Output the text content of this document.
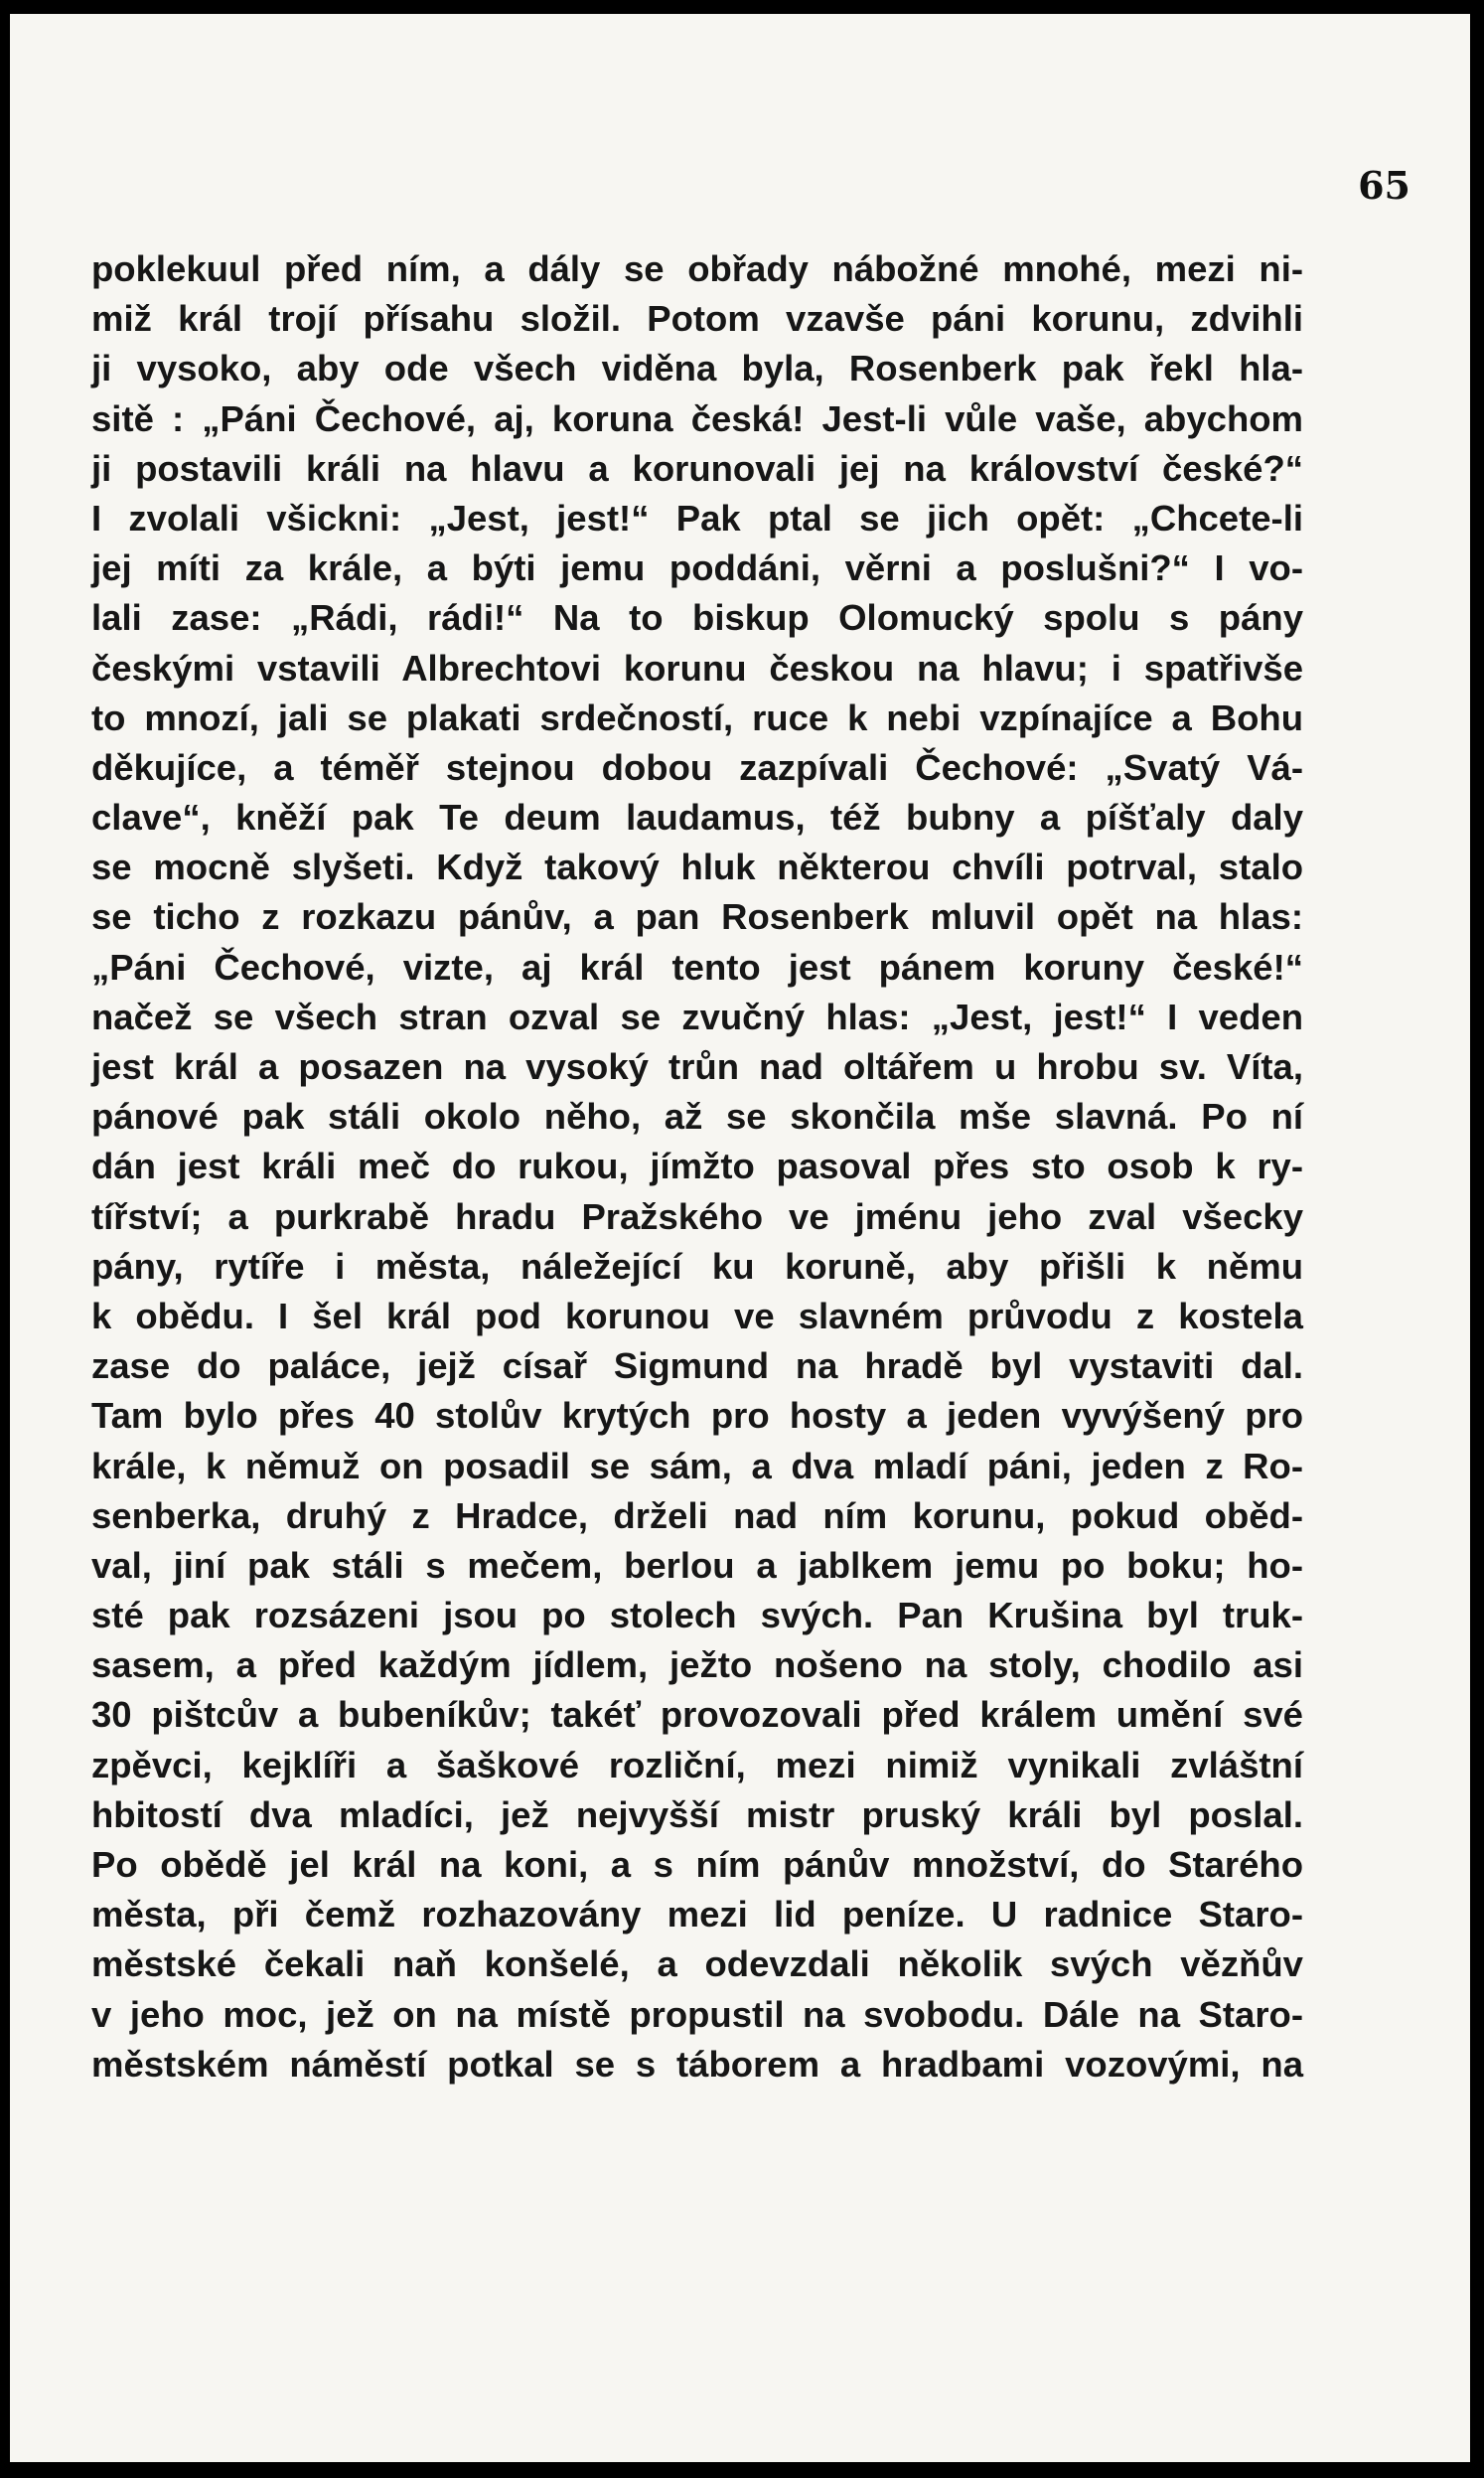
65
poklekuul před ním, a dály se obřady nábožné mnohé, mezi ni-
miž král trojí přísahu složil. Potom vzavše páni korunu, zdvihli
ji vysoko, aby ode všech viděna byla, Rosenberk pak řekl hla-
sitě : „Páni Čechové, aj, koruna česká! Jest-li vůle vaše, abychom
ji postavili králi na hlavu a korunovali jej na království české?“
I zvolali všickni: „Jest, jest!“ Pak ptal se jich opět: „Chcete-li
jej míti za krále, a býti jemu poddáni, věrni a poslušni?“ I vo-
lali zase: „Rádi, rádi!“ Na to biskup Olomucký spolu s pány
českými vstavili Albrechtovi korunu českou na hlavu; i spatřivše
to mnozí, jali se plakati srdečností, ruce k nebi vzpínajíce a Bohu
děkujíce, a téměř stejnou dobou zazpívali Čechové: „Svatý Vá-
clave“, kněží pak Te deum laudamus, též bubny a píšťaly daly
se mocně slyšeti. Když takový hluk některou chvíli potrval, stalo
se ticho z rozkazu pánův, a pan Rosenberk mluvil opět na hlas:
„Páni Čechové, vizte, aj král tento jest pánem koruny české!“
načež se všech stran ozval se zvučný hlas: „Jest, jest!“ I veden
jest král a posazen na vysoký trůn nad oltářem u hrobu sv. Víta,
pánové pak stáli okolo něho, až se skončila mše slavná. Po ní
dán jest králi meč do rukou, jímžto pasoval přes sto osob k ry-
tířství; a purkrabě hradu Pražského ve jménu jeho zval všecky
pány, rytíře i města, náležející ku koruně, aby přišli k němu
k obědu. I šel král pod korunou ve slavném průvodu z kostela
zase do paláce, jejž císař Sigmund na hradě byl vystaviti dal.
Tam bylo přes 40 stolův krytých pro hosty a jeden vyvýšený pro
krále, k němuž on posadil se sám, a dva mladí páni, jeden z Ro-
senberka, druhý z Hradce, drželi nad ním korunu, pokud oběd-
val, jiní pak stáli s mečem, berlou a jablkem jemu po boku; ho-
sté pak rozsázeni jsou po stolech svých. Pan Krušina byl truk-
sasem, a před každým jídlem, ježto nošeno na stoly, chodilo asi
30 pištcův a bubeníkův; takéť provozovali před králem umění své
zpěvci, kejklíři a šaškové rozliční, mezi nimiž vynikali zvláštní
hbitostí dva mladíci, jež nejvyšší mistr pruský králi byl poslal.
Po obědě jel král na koni, a s ním pánův množství, do Starého
města, při čemž rozhazovány mezi lid peníze. U radnice Staro-
městské čekali naň konšelé, a odevzdali několik svých vězňův
v jeho moc, jež on na místě propustil na svobodu. Dále na Staro-
městském náměstí potkal se s táborem a hradbami vozovými, na
